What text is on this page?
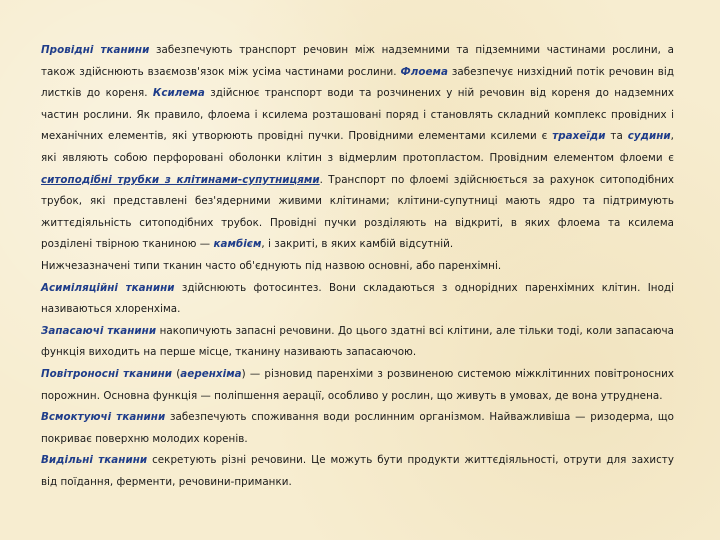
Провідні тканини забезпечують транспорт речовин між надземними та підземними частинами рослини, а також здійснюють взаємозв'язок між усіма частинами рослини. Флоема забезпечує низхідний потік речовин від листків до кореня. Ксилема здійснює транспорт води та розчинених у ній речовин від кореня до надземних частин рослини. Як правило, флоема і ксилема розташовані поряд і становлять складний комплекс провідних і механічних елементів, які утворюють провідні пучки. Провідними елементами ксилеми є трахеїди та судини, які являють собою перфоровані оболонки клітин з відмерлим протопластом. Провідним елементом флоеми є ситоподібні трубки з клітинами-супутницями. Транспорт по флоемі здійснюється за рахунок ситоподібних трубок, які представлені без'ядерними живими клітинами; клітини-супутниці мають ядро та підтримують життєдіяльність ситоподібних трубок. Провідні пучки розділяють на відкриті, в яких флоема та ксилема розділені твірною тканиною — камбієм, і закриті, в яких камбій відсутній.

Нижчезазначені типи тканин часто об'єднують під назвою основні, або паренхімні.

Асиміляційні тканини здійснюють фотосинтез. Вони складаються з однорідних паренхімних клітин. Іноді називаються хлоренхіма.

Запасаючі тканини накопичують запасні речовини. До цього здатні всі клітини, але тільки тоді, коли запасаюча функція виходить на перше місце, тканину називають запасаючою.

Повітроносні тканини (аеренхіма) — різновид паренхіми з розвиненою системою міжклітинних повітроносних порожнин. Основна функція — поліпшення аерації, особливо у рослин, що живуть в умовах, де вона утруднена.

Всмоктуючі тканини забезпечують споживання води рослинним організмом. Найважливіша — ризодерма, що покриває поверхню молодих коренів.

Видільні тканини секретують різні речовини. Це можуть бути продукти життєдіяльності, отрути для захисту від поїдання, ферменти, речовини-приманки.
